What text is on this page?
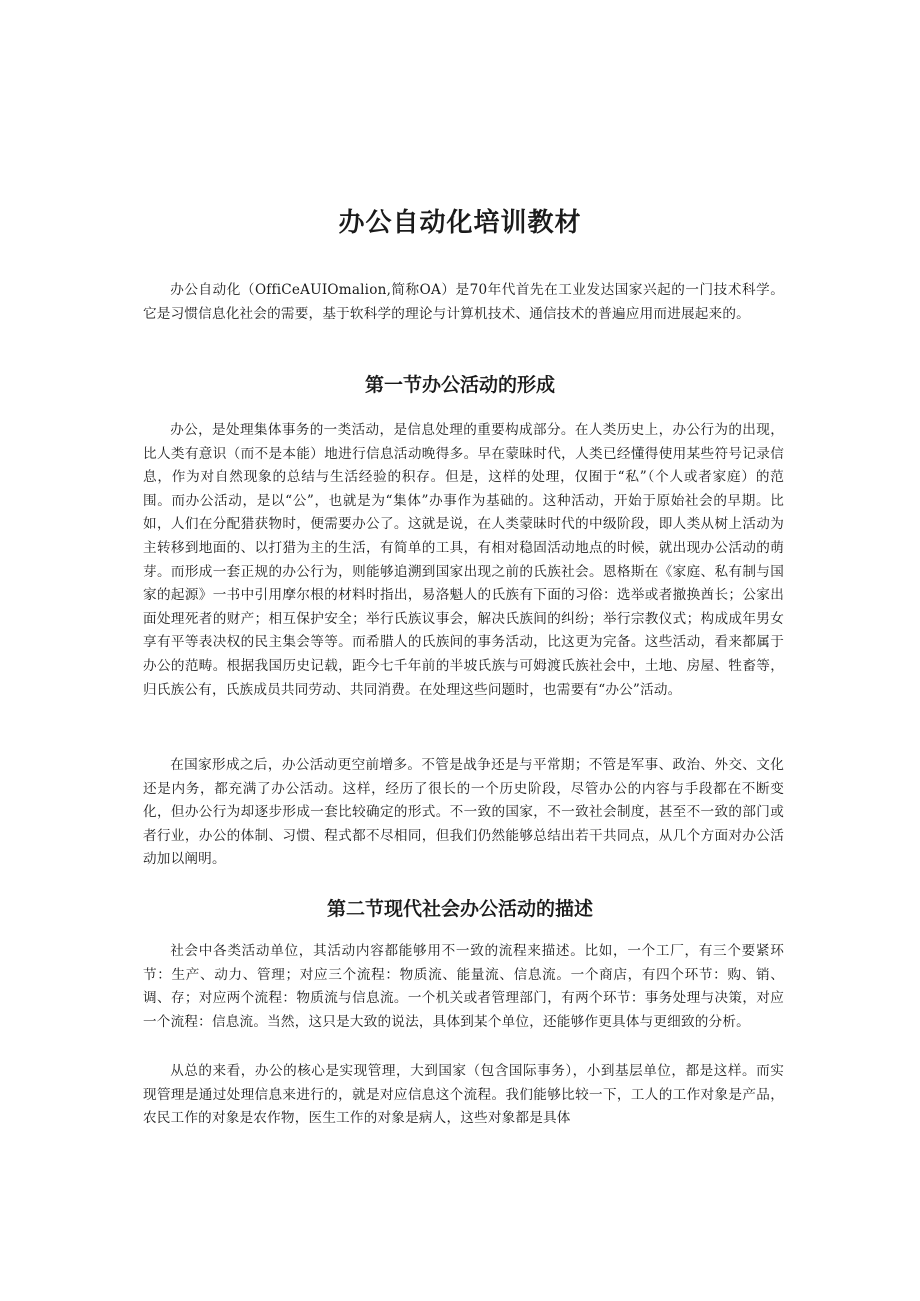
办公自动化培训教材

办公自动化（OffiCeAUIOmalion,简称OA）是70年代首先在工业发达国家兴起的一门技术科学。它是习惯信息化社会的需要，基于软科学的理论与计算机技术、通信技术的普遍应用而进展起来的。

第一节办公活动的形成

办公，是处理集体事务的一类活动，是信息处理的重要构成部分。在人类历史上，办公行为的出现，比人类有意识（而不是本能）地进行信息活动晚得多。早在蒙昧时代，人类已经懂得使用某些符号记录信息，作为对自然现象的总结与生活经验的积存。但是，这样的处理，仅囿于“私”（个人或者家庭）的范围。而办公活动，是以“公”，也就是为“集体”办事作为基础的。这种活动，开始于原始社会的早期。比如，人们在分配猎获物时，便需要办公了。这就是说，在人类蒙昧时代的中级阶段，即人类从树上活动为主转移到地面的、以打猎为主的生活，有简单的工具，有相对稳固活动地点的时候，就出现办公活动的萌芽。而形成一套正规的办公行为，则能够追溯到国家出现之前的氏族社会。恩格斯在《家庭、私有制与国家的起源》一书中引用摩尔根的材料时指出，易洛魁人的氏族有下面的习俗：选举或者撤换酋长；公家出面处理死者的财产；相互保护安全；举行氏族议事会，解决氏族间的纠纷；举行宗教仪式；构成成年男女享有平等表决权的民主集会等等。而希腊人的氏族间的事务活动，比这更为完备。这些活动，看来都属于办公的范畴。根据我国历史记载，距今七千年前的半坡氏族与可姆渡氏族社会中，土地、房屋、牲畜等，归氏族公有，氏族成员共同劳动、共同消费。在处理这些问题时，也需要有“办公”活动。

在国家形成之后，办公活动更空前增多。不管是战争还是与平常期；不管是军事、政治、外交、文化还是内务，都充满了办公活动。这样，经历了很长的一个历史阶段，尽管办公的内容与手段都在不断变化，但办公行为却逐步形成一套比较确定的形式。不一致的国家，不一致社会制度，甚至不一致的部门或者行业，办公的体制、习惯、程式都不尽相同，但我们仍然能够总结出若干共同点，从几个方面对办公活动加以阐明。

第二节现代社会办公活动的描述

社会中各类活动单位，其活动内容都能够用不一致的流程来描述。比如，一个工厂，有三个要紧环节：生产、动力、管理；对应三个流程：物质流、能量流、信息流。一个商店，有四个环节：购、销、调、存；对应两个流程：物质流与信息流。一个机关或者管理部门，有两个环节：事务处理与决策，对应一个流程：信息流。当然，这只是大致的说法，具体到某个单位，还能够作更具体与更细致的分析。

从总的来看，办公的核心是实现管理，大到国家（包含国际事务），小到基层单位，都是这样。而实现管理是通过处理信息来进行的，就是对应信息这个流程。我们能够比较一下，工人的工作对象是产品，农民工作的对象是农作物，医生工作的对象是病人，这些对象都是具体
